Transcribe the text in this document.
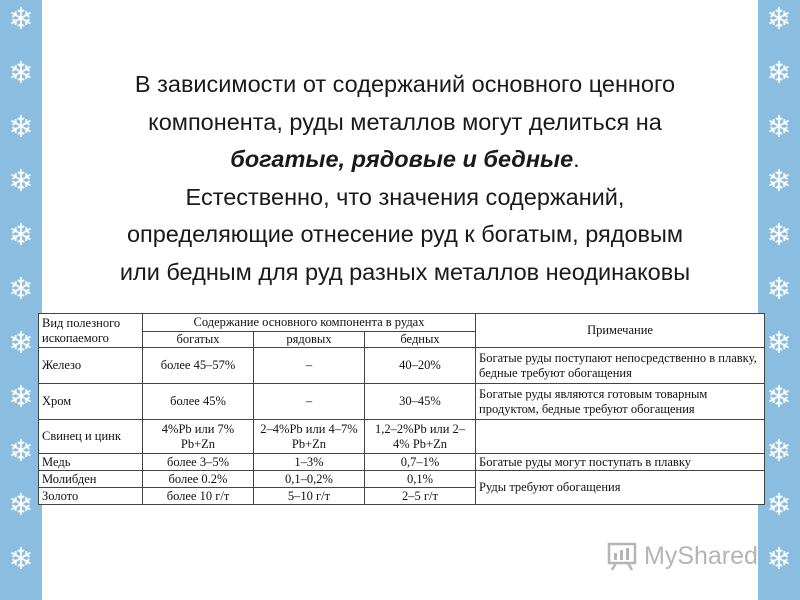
❄
❄
❄
❄
❄
❄
❄
❄
❄
❄
❄
❄
❄
❄
❄
❄
❄
❄
❄
❄
❄
❄
В зависимости от содержаний основного ценного
компонента, руды металлов могут делиться на
богатые, рядовые и бедные.
Естественно, что значения содержаний,
определяющие отнесение руд к богатым, рядовым
или бедным для руд разных металлов неодинаковы
Вид полезного ископаемого	Содержание основного компонента в рудах			Примечание
	богатых	рядовых	бедных	
Железо	более 45–57%	–	40–20%	Богатые руды поступают непосредственно в плавку, бедные требуют обогащения
Хром	более 45%	–	30–45%	Богатые руды являются готовым товарным продуктом, бедные требуют обогащения
Свинец и цинк	4%Pb или 7% Pb+Zn	2–4%Pb или 4–7% Pb+Zn	1,2–2%Pb или 2–4% Pb+Zn	
Медь	более 3–5%	1–3%	0,7–1%	Богатые руды могут поступать в плавку
Молибден	более 0.2%	0,1–0,2%	0,1%	Руды требуют обогащения
Золото	более 10 г/т	5–10 г/т	2–5 г/т	
MyShared
